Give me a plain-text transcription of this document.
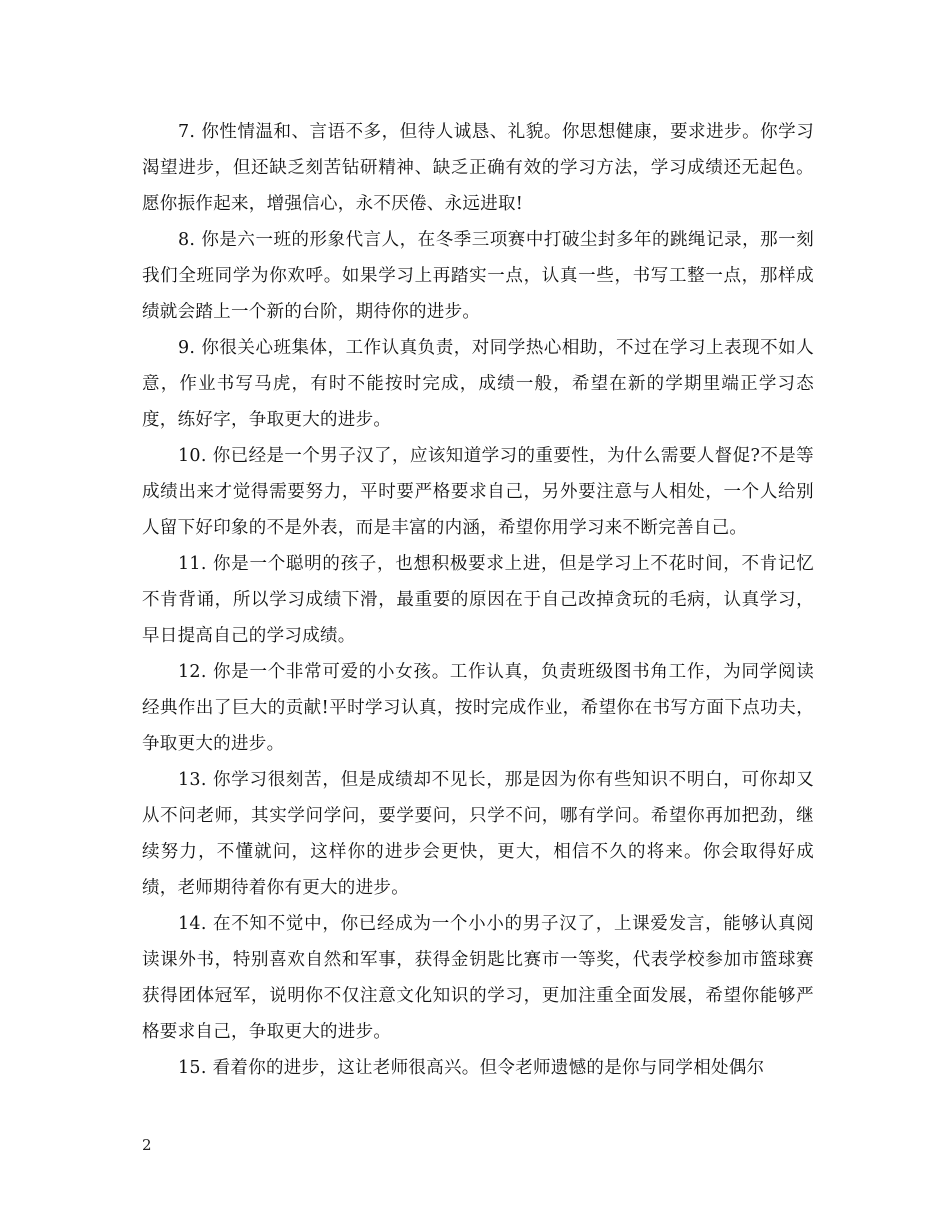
7. 你性情温和、言语不多，但待人诚恳、礼貌。你思想健康，要求进步。你学习渴望进步，但还缺乏刻苦钻研精神、缺乏正确有效的学习方法，学习成绩还无起色。愿你振作起来，增强信心，永不厌倦、永远进取!

8. 你是六一班的形象代言人，在冬季三项赛中打破尘封多年的跳绳记录，那一刻我们全班同学为你欢呼。如果学习上再踏实一点，认真一些，书写工整一点，那样成绩就会踏上一个新的台阶，期待你的进步。

9. 你很关心班集体，工作认真负责，对同学热心相助，不过在学习上表现不如人意，作业书写马虎，有时不能按时完成，成绩一般，希望在新的学期里端正学习态度，练好字，争取更大的进步。

10. 你已经是一个男子汉了，应该知道学习的重要性，为什么需要人督促?不是等成绩出来才觉得需要努力，平时要严格要求自己，另外要注意与人相处，一个人给别人留下好印象的不是外表，而是丰富的内涵，希望你用学习来不断完善自己。

11. 你是一个聪明的孩子，也想积极要求上进，但是学习上不花时间，不肯记忆不肯背诵，所以学习成绩下滑，最重要的原因在于自己改掉贪玩的毛病，认真学习，早日提高自己的学习成绩。

12. 你是一个非常可爱的小女孩。工作认真，负责班级图书角工作，为同学阅读经典作出了巨大的贡献!平时学习认真，按时完成作业，希望你在书写方面下点功夫，争取更大的进步。

13. 你学习很刻苦，但是成绩却不见长，那是因为你有些知识不明白，可你却又从不问老师，其实学问学问，要学要问，只学不问，哪有学问。希望你再加把劲，继续努力，不懂就问，这样你的进步会更快，更大，相信不久的将来。你会取得好成绩，老师期待着你有更大的进步。

14. 在不知不觉中，你已经成为一个小小的男子汉了，上课爱发言，能够认真阅读课外书，特别喜欢自然和军事，获得金钥匙比赛市一等奖，代表学校参加市篮球赛获得团体冠军，说明你不仅注意文化知识的学习，更加注重全面发展，希望你能够严格要求自己，争取更大的进步。

15. 看着你的进步，这让老师很高兴。但令老师遗憾的是你与同学相处偶尔

2
